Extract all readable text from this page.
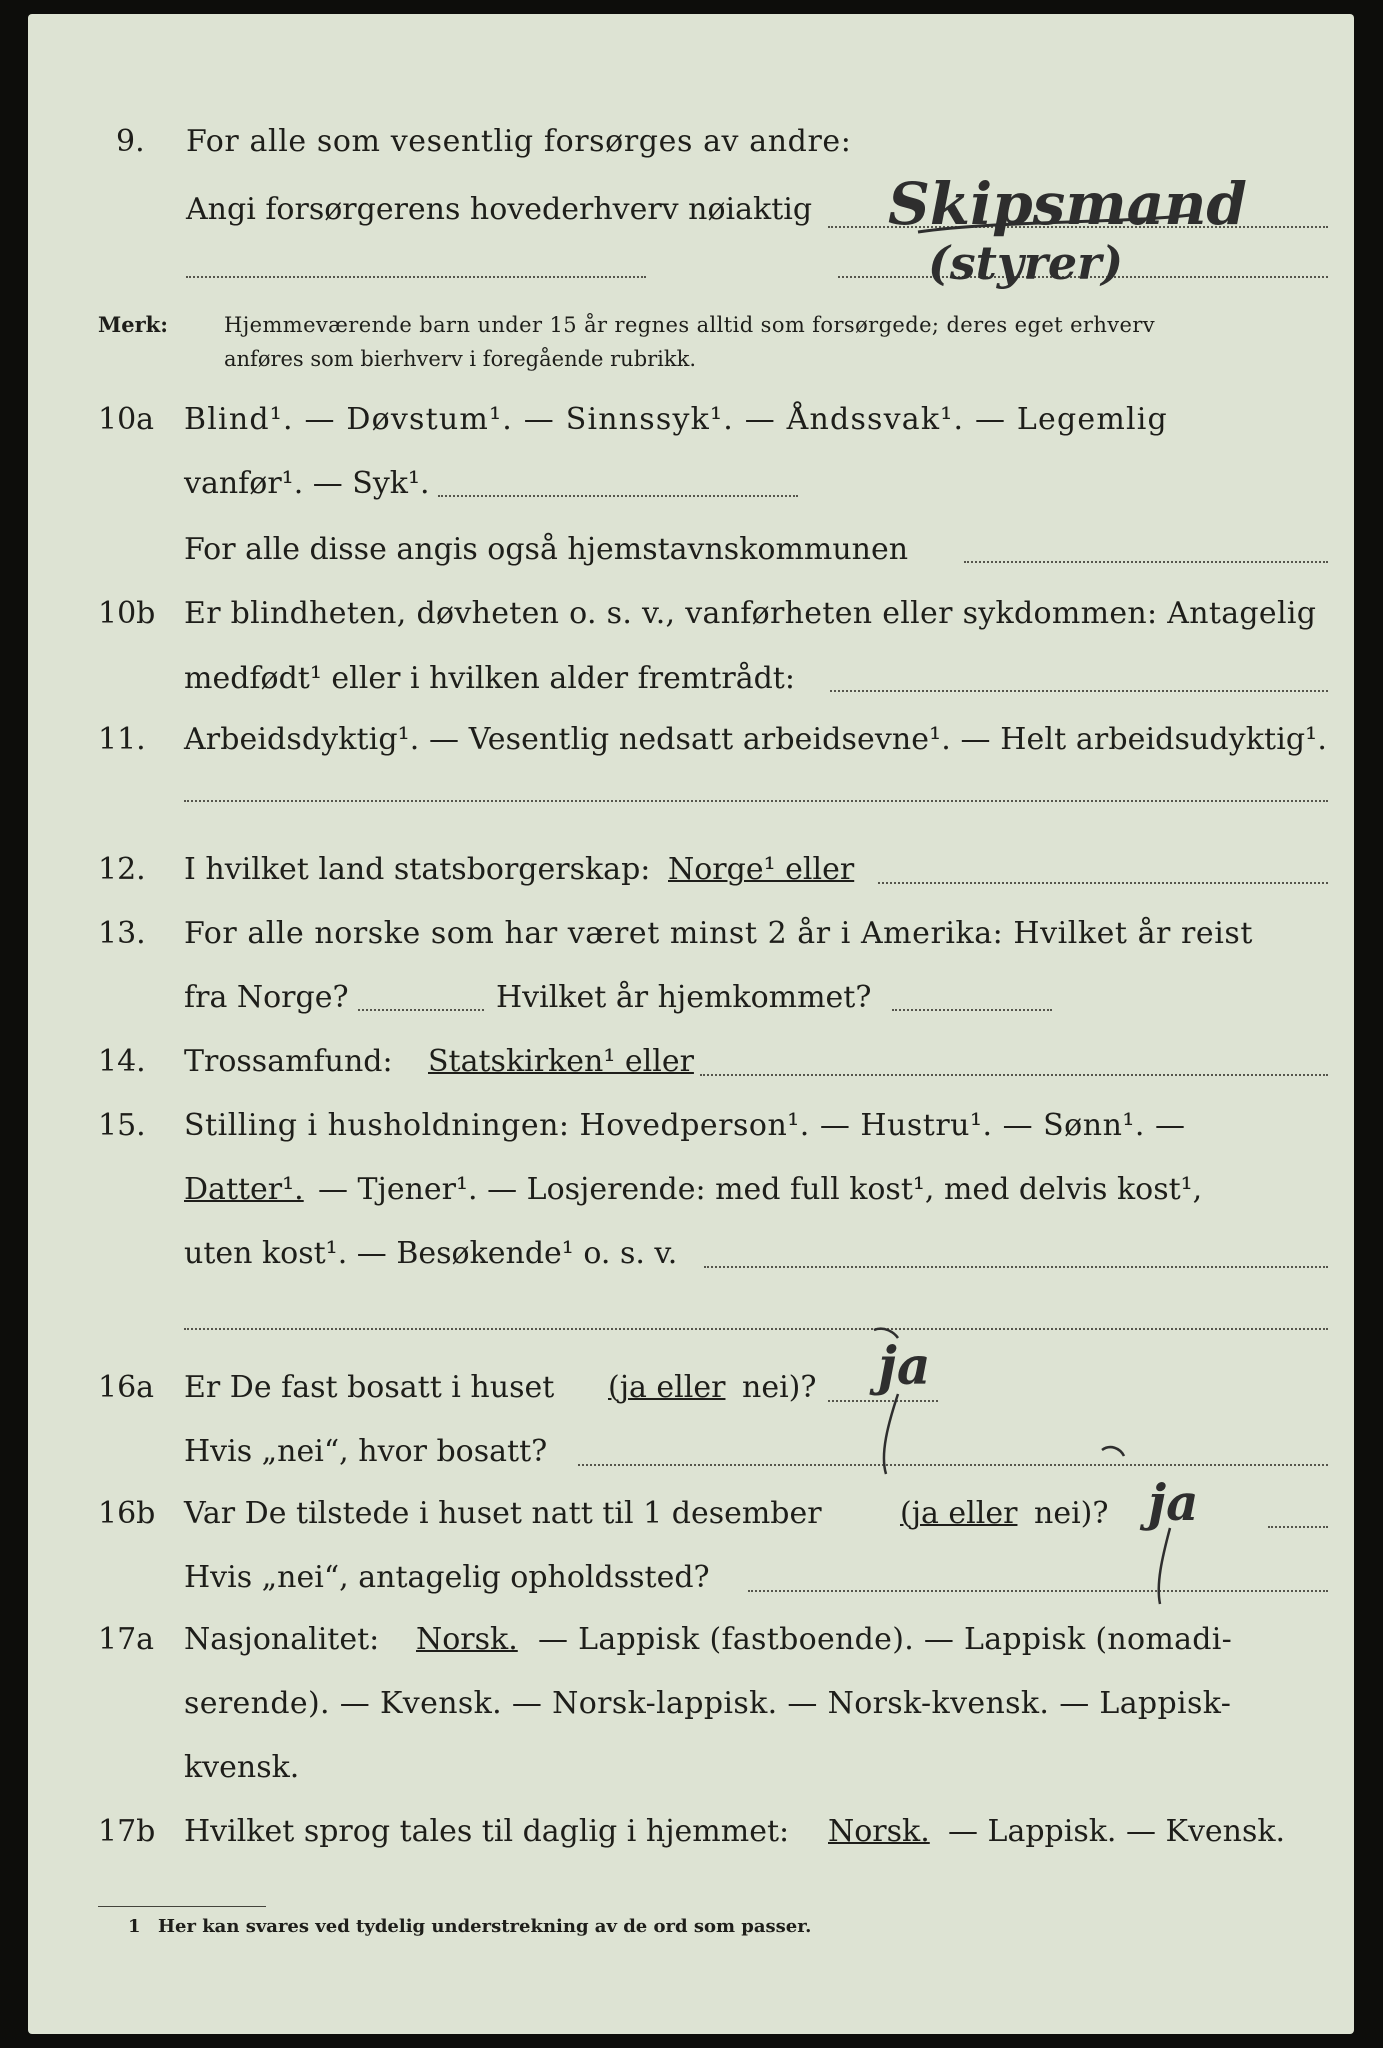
9. For alle som vesentlig forsørges av andre:
Angi forsørgerens hovederhverv nøiaktig Skipsmand
(styrer)
Merk:	Hjemmeværende barn under 15 år regnes alltid som forsørgede; deres eget erhverv
anføres som bierhverv i foregående rubrikk.
10a Blind¹. — Døvstum¹. — Sinnssyk¹. — Åndssvak¹. — Legemlig
vanfør¹. — Syk¹.
For alle disse angis også hjemstavnskommunen
10b Er blindheten, døvheten o. s. v., vanførheten eller sykdommen: Antagelig
medfødt¹ eller i hvilken alder fremtrådt:
11. Arbeidsdyktig¹. — Vesentlig nedsatt arbeidsevne¹. — Helt arbeidsudyktig¹.
12. I hvilket land statsborgerskap: Norge¹ eller
13. For alle norske som har været minst 2 år i Amerika: Hvilket år reist
fra Norge?	Hvilket år hjemkommet?
14. Trossamfund: Statskirken¹ eller
15. Stilling i husholdningen: Hovedperson¹. — Hustru¹. — Sønn¹. —
Datter¹. — Tjener¹. — Losjerende: med full kost¹, med delvis kost¹,
uten kost¹. — Besøkende¹ o. s. v.
16a Er De fast bosatt i huset (ja eller nei)?
Hvis „nei“, hvor bosatt?
ja
16b Var De tilstede i huset natt til 1 desember	(ja eller nei)?
Hvis „nei“, antagelig opholdssted?
ja
17a Nasjonalitet: Norsk. — Lappisk (fastboende). — Lappisk (nomadi-
serende). — Kvensk. — Norsk-lappisk. — Norsk-kvensk. — Lappisk-
kvensk.
17b Hvilket sprog tales til daglig i hjemmet: Norsk. — Lappisk. — Kvensk.
1 Her kan svares ved tydelig understrekning av de ord som passer.
